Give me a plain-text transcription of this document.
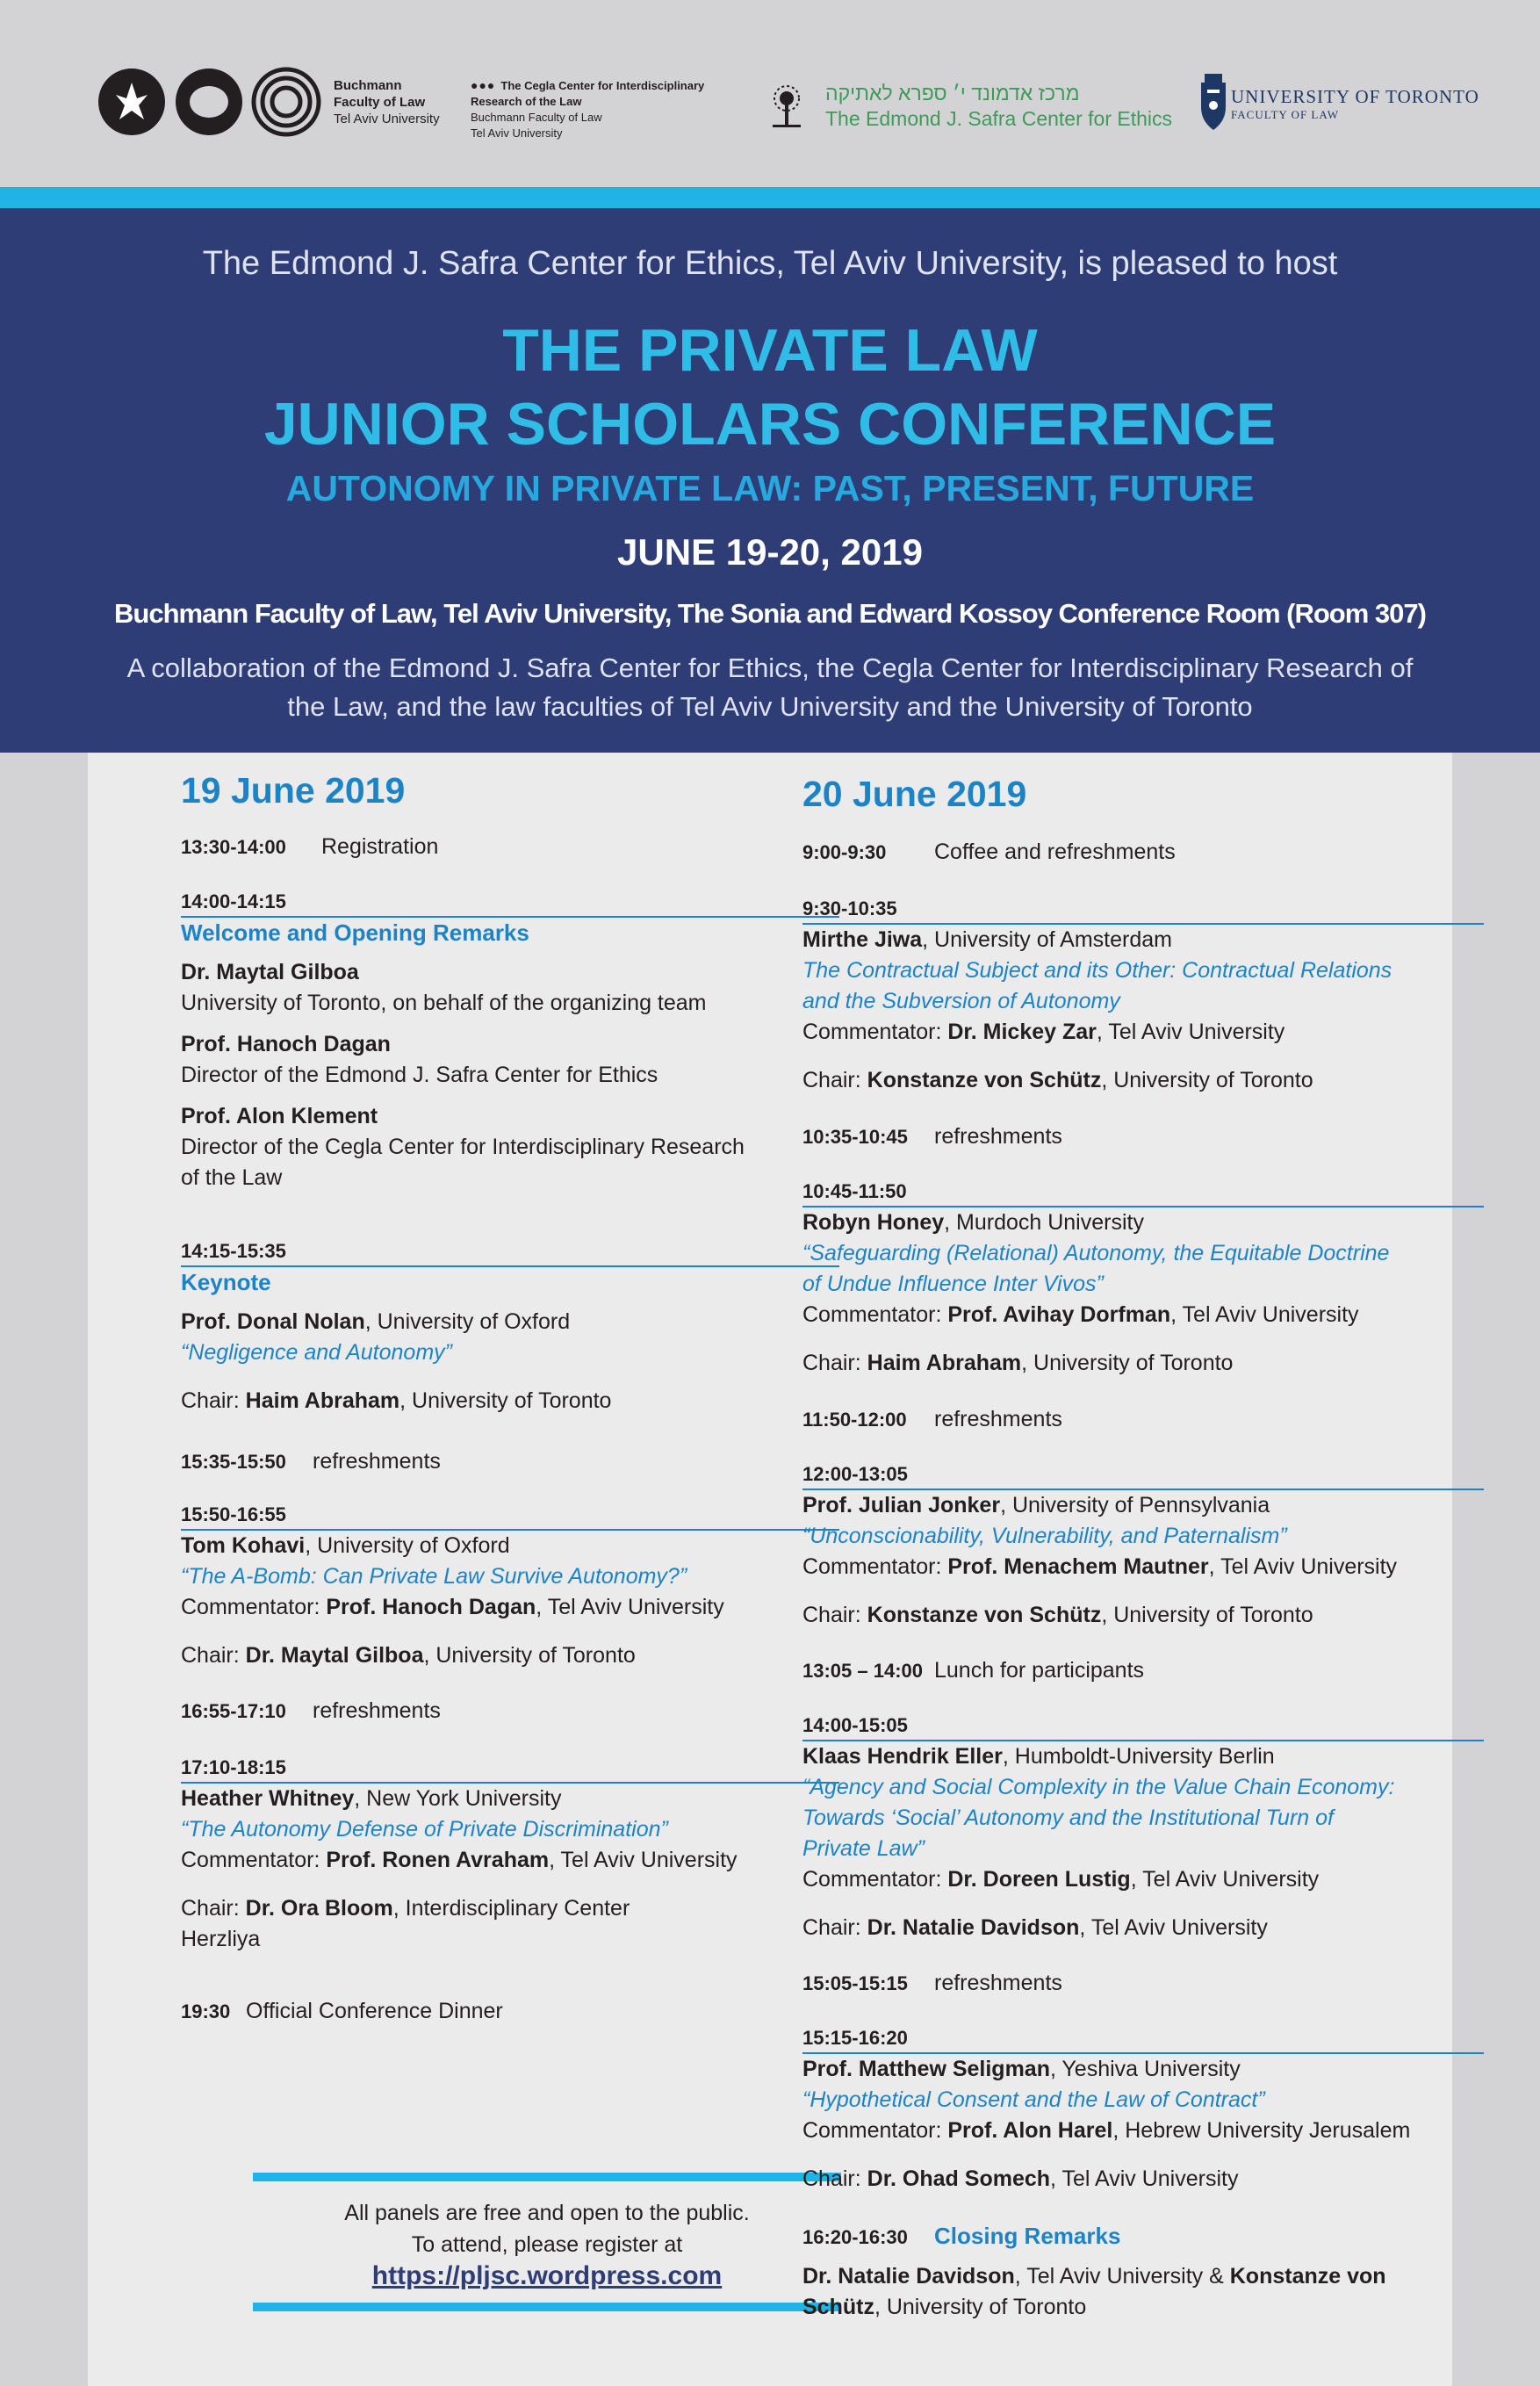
Buchmann
Faculty of Law
Tel Aviv University
●●● The Cegla Center for Interdisciplinary
Research of the Law
Buchmann Faculty of Law
Tel Aviv University
מרכז אדמונד י׳ ספרא לאתיקה
The Edmond J. Safra Center for Ethics
UNIVERSITY OF TORONTO
FACULTY OF LAW
The Edmond J. Safra Center for Ethics, Tel Aviv University, is pleased to host
THE PRIVATE LAW
JUNIOR SCHOLARS CONFERENCE
AUTONOMY IN PRIVATE LAW: PAST, PRESENT, FUTURE
JUNE 19-20, 2019
Buchmann Faculty of Law, Tel Aviv University, The Sonia and Edward Kossoy Conference Room (Room 307)
A collaboration of the Edmond J. Safra Center for Ethics, the Cegla Center for Interdisciplinary Research of the Law, and the law faculties of Tel Aviv University and the University of Toronto
19 June 2019
13:30-14:00 Registration
14:00-14:15
Welcome and Opening Remarks
Dr. Maytal Gilboa
University of Toronto, on behalf of the organizing team
Prof. Hanoch Dagan
Director of the Edmond J. Safra Center for Ethics
Prof. Alon Klement
Director of the Cegla Center for Interdisciplinary Research
of the Law
14:15-15:35
Keynote
Prof. Donal Nolan, University of Oxford
“Negligence and Autonomy”
Chair: Haim Abraham, University of Toronto
15:35-15:50 refreshments
15:50-16:55
Tom Kohavi, University of Oxford
“The A-Bomb: Can Private Law Survive Autonomy?”
Commentator: Prof. Hanoch Dagan, Tel Aviv University
Chair: Dr. Maytal Gilboa, University of Toronto
16:55-17:10 refreshments
17:10-18:15
Heather Whitney, New York University
“The Autonomy Defense of Private Discrimination”
Commentator: Prof. Ronen Avraham, Tel Aviv University
Chair: Dr. Ora Bloom, Interdisciplinary Center
Herzliya
19:30 Official Conference Dinner
All panels are free and open to the public.
To attend, please register at
https://pljsc.wordpress.com
20 June 2019
9:00-9:30 Coffee and refreshments
9:30-10:35
Mirthe Jiwa, University of Amsterdam
The Contractual Subject and its Other: Contractual Relations
and the Subversion of Autonomy
Commentator: Dr. Mickey Zar, Tel Aviv University
Chair: Konstanze von Schütz, University of Toronto
10:35-10:45 refreshments
10:45-11:50
Robyn Honey, Murdoch University
“Safeguarding (Relational) Autonomy, the Equitable Doctrine
of Undue Influence Inter Vivos”
Commentator: Prof. Avihay Dorfman, Tel Aviv University
Chair: Haim Abraham, University of Toronto
11:50-12:00 refreshments
12:00-13:05
Prof. Julian Jonker, University of Pennsylvania
“Unconscionability, Vulnerability, and Paternalism”
Commentator: Prof. Menachem Mautner, Tel Aviv University
Chair: Konstanze von Schütz, University of Toronto
13:05 – 14:00 Lunch for participants
14:00-15:05
Klaas Hendrik Eller, Humboldt-University Berlin
“Agency and Social Complexity in the Value Chain Economy:
Towards ‘Social’ Autonomy and the Institutional Turn of
Private Law”
Commentator: Dr. Doreen Lustig, Tel Aviv University
Chair: Dr. Natalie Davidson, Tel Aviv University
15:05-15:15 refreshments
15:15-16:20
Prof. Matthew Seligman, Yeshiva University
“Hypothetical Consent and the Law of Contract”
Commentator: Prof. Alon Harel, Hebrew University Jerusalem
Chair: Dr. Ohad Somech, Tel Aviv University
16:20-16:30 Closing Remarks
Dr. Natalie Davidson, Tel Aviv University & Konstanze von
Schütz, University of Toronto
